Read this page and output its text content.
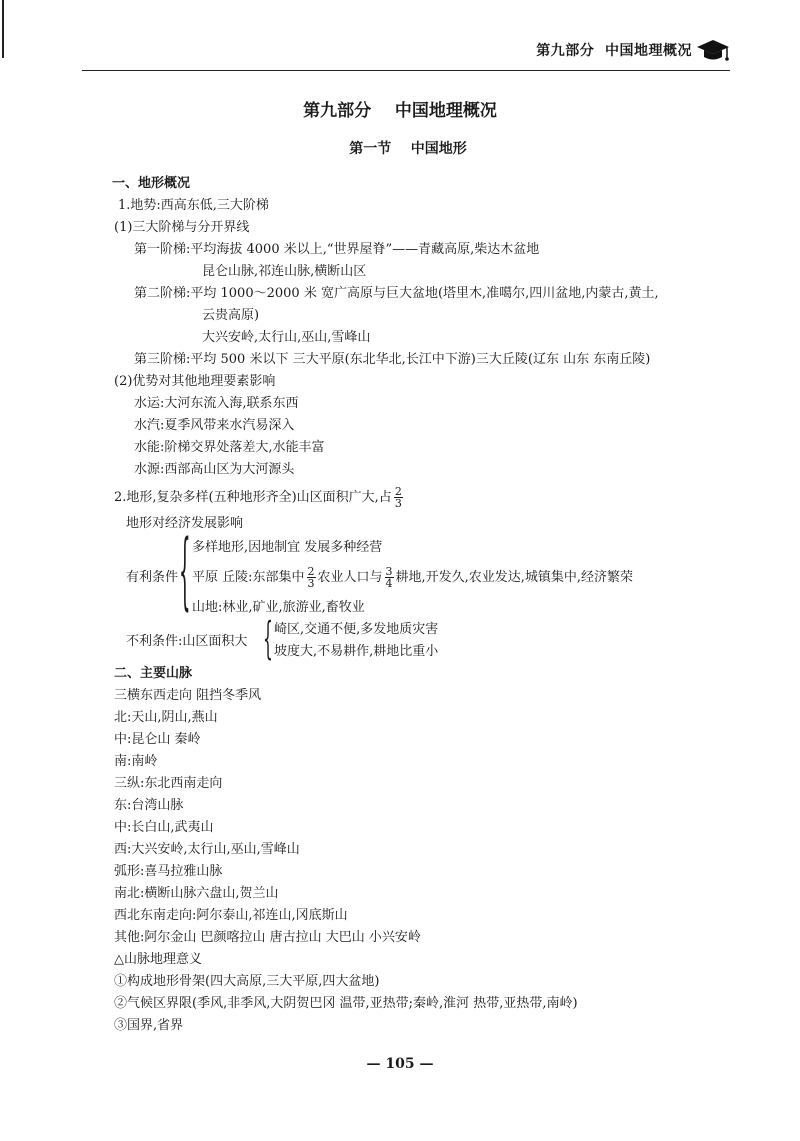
第九部分  中国地理概况
第九部分    中国地理概况
第一节    中国地形
一、地形概况
1.地势:西高东低,三大阶梯
(1)三大阶梯与分开界线
第一阶梯:平均海拔 4000 米以上,“世界屋脊”——青藏高原,柴达木盆地
昆仑山脉,祁连山脉,横断山区
第二阶梯:平均 1000～2000 米 宽广高原与巨大盆地(塔里木,准噶尔,四川盆地,内蒙古,黄土,
云贵高原)
大兴安岭,太行山,巫山,雪峰山
第三阶梯:平均 500 米以下 三大平原(东北华北,长江中下游)三大丘陵(辽东 山东 东南丘陵)
(2)优势对其他地理要素影响
水运:大河东流入海,联系东西
水汽:夏季风带来水汽易深入
水能:阶梯交界处落差大,水能丰富
水源:西部高山区为大河源头
2.地形,复杂多样(五种地形齐全)山区面积广大,占 $\frac{2}{3}$
地形对经济发展影响
有利条件 { 多样地形,因地制宜 发展多种经营
平原 丘陵:东部集中 $\frac{2}{3}$ 农业人口与 $\frac{3}{4}$ 耕地,开发久,农业发达,城镇集中,经济繁荣
山地:林业,矿业,旅游业,畜牧业
不利条件:山区面积大 { 崎区,交通不便,多发地质灾害
坡度大,不易耕作,耕地比重小
二、主要山脉
三横东西走向 阻挡冬季风
北:天山,阴山,燕山
中:昆仑山 秦岭
南:南岭
三纵:东北西南走向
东:台湾山脉
中:长白山,武夷山
西:大兴安岭,太行山,巫山,雪峰山
弧形:喜马拉雅山脉
南北:横断山脉六盘山,贺兰山
西北东南走向:阿尔泰山,祁连山,冈底斯山
其他:阿尔金山 巴颜喀拉山 唐古拉山 大巴山 小兴安岭
△山脉地理意义
①构成地形骨架(四大高原,三大平原,四大盆地)
②气候区界限(季风,非季风,大阴贺巴冈 温带,亚热带;秦岭,淮河 热带,亚热带,南岭)
③国界,省界
— 105 —
